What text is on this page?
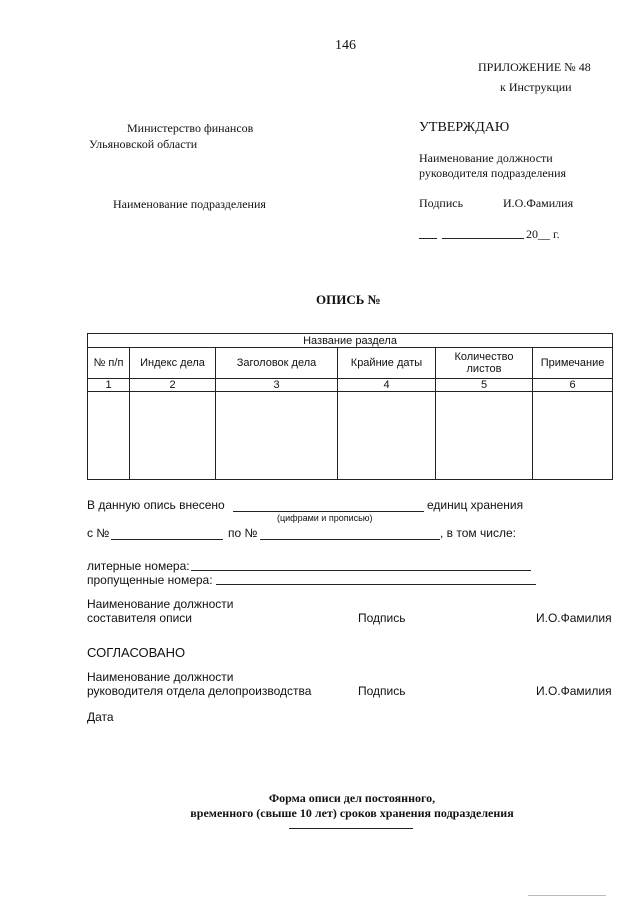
146
ПРИЛОЖЕНИЕ № 48
к Инструкции
Министерство финансов
Ульяновской области
Наименование подразделения
УТВЕРЖДАЮ
Наименование должности
руководителя подразделения
Подпись	И.О.Фамилия
20__ г.
ОПИСЬ №
Название раздела					
№ п/п	Индекс дела	Заголовок дела	Крайние даты	Количество листов	Примечание
1	2	3	4	5	6

В данную опись внесено	единиц хранения
(цифрами и прописью)
с №	по №	, в том числе:
литерные номера:
пропущенные номера:
Наименование должности
составителя описи	Подпись	И.О.Фамилия
СОГЛАСОВАНО
Наименование должности
руководителя отдела делопроизводства	Подпись	И.О.Фамилия
Дата
Форма описи дел постоянного,
временного (свыше 10 лет) сроков хранения подразделения
